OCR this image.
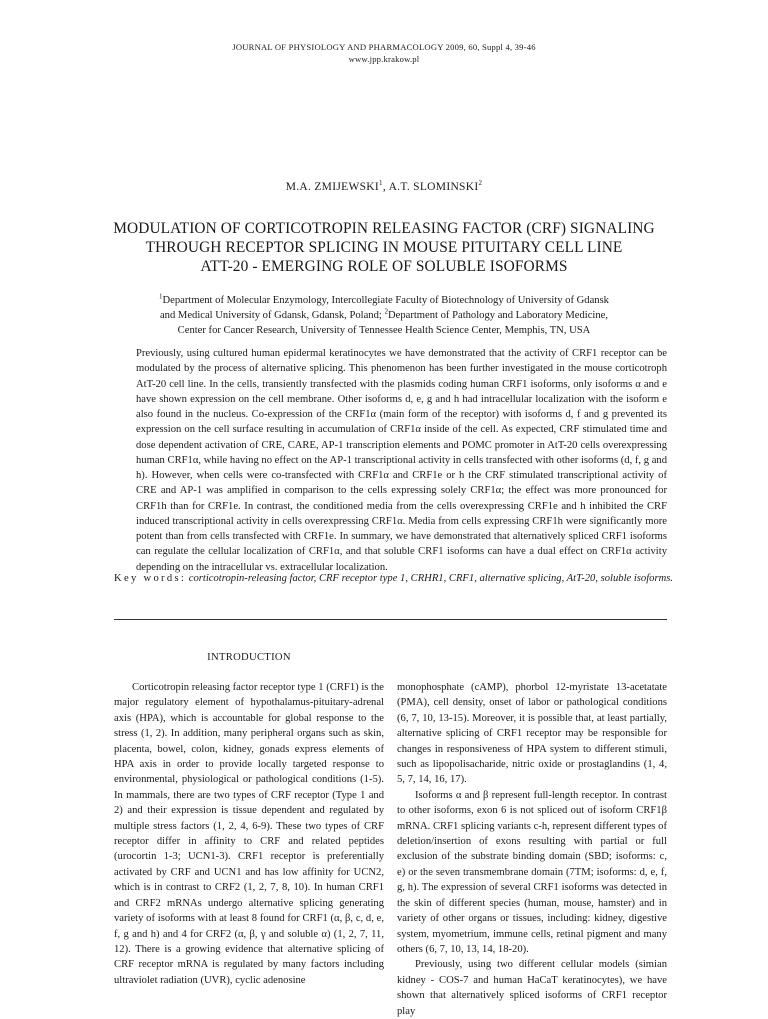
JOURNAL OF PHYSIOLOGY AND PHARMACOLOGY 2009, 60, Suppl 4, 39-46
www.jpp.krakow.pl
M.A. ZMIJEWSKI$^1$, A.T. SLOMINSKI$^2$
MODULATION OF CORTICOTROPIN RELEASING FACTOR (CRF) SIGNALING
THROUGH RECEPTOR SPLICING IN MOUSE PITUITARY CELL LINE
ATT-20 - EMERGING ROLE OF SOLUBLE ISOFORMS
$^1$Department of Molecular Enzymology, Intercollegiate Faculty of Biotechnology of University of Gdansk
and Medical University of Gdansk, Gdansk, Poland; $^2$Department of Pathology and Laboratory Medicine,
Center for Cancer Research, University of Tennessee Health Science Center, Memphis, TN, USA
Previously, using cultured human epidermal keratinocytes we have demonstrated that the activity of CRF1 receptor can be modulated by the process of alternative splicing. This phenomenon has been further investigated in the mouse corticotroph AtT-20 cell line. In the cells, transiently transfected with the plasmids coding human CRF1 isoforms, only isoforms α and e have shown expression on the cell membrane. Other isoforms d, e, g and h had intracellular localization with the isoform e also found in the nucleus. Co-expression of the CRF1α (main form of the receptor) with isoforms d, f and g prevented its expression on the cell surface resulting in accumulation of CRF1α inside of the cell. As expected, CRF stimulated time and dose dependent activation of CRE, CARE, AP-1 transcription elements and POMC promoter in AtT-20 cells overexpressing human CRF1α, while having no effect on the AP-1 transcriptional activity in cells transfected with other isoforms (d, f, g and h). However, when cells were co-transfected with CRF1α and CRF1e or h the CRF stimulated transcriptional activity of CRE and AP-1 was amplified in comparison to the cells expressing solely CRF1α; the effect was more pronounced for CRF1h than for CRF1e. In contrast, the conditioned media from the cells overexpressing CRF1e and h inhibited the CRF induced transcriptional activity in cells overexpressing CRF1α. Media from cells expressing CRF1h were significantly more potent than from cells transfected with CRF1e. In summary, we have demonstrated that alternatively spliced CRF1 isoforms can regulate the cellular localization of CRF1α, and that soluble CRF1 isoforms can have a dual effect on CRF1α activity depending on the intracellular vs. extracellular localization.
Key words: corticotropin-releasing factor, CRF receptor type 1, CRHR1, CRF1, alternative splicing, AtT-20, soluble isoforms.
INTRODUCTION

Corticotropin releasing factor receptor type 1 (CRF1) is the major regulatory element of hypothalamus-pituitary-adrenal axis (HPA), which is accountable for global response to the stress (1, 2). In addition, many peripheral organs such as skin, placenta, bowel, colon, kidney, gonads express elements of HPA axis in order to provide locally targeted response to environmental, physiological or pathological conditions (1-5). In mammals, there are two types of CRF receptor (Type 1 and 2) and their expression is tissue dependent and regulated by multiple stress factors (1, 2, 4, 6-9). These two types of CRF receptor differ in affinity to CRF and related peptides (urocortin 1-3; UCN1-3). CRF1 receptor is preferentially activated by CRF and UCN1 and has low affinity for UCN2, which is in contrast to CRF2 (1, 2, 7, 8, 10). In human CRF1 and CRF2 mRNAs undergo alternative splicing generating variety of isoforms with at least 8 found for CRF1 (α, β, c, d, e, f, g and h) and 4 for CRF2 (α, β, γ and soluble α) (1, 2, 7, 11, 12). There is a growing evidence that alternative splicing of CRF receptor mRNA is regulated by many factors including ultraviolet radiation (UVR), cyclic adenosine

monophosphate (cAMP), phorbol 12-myristate 13-acetatate (PMA), cell density, onset of labor or pathological conditions (6, 7, 10, 13-15). Moreover, it is possible that, at least partially, alternative splicing of CRF1 receptor may be responsible for changes in responsiveness of HPA system to different stimuli, such as lipopolisacharide, nitric oxide or prostaglandins (1, 4, 5, 7, 14, 16, 17).

Isoforms α and β represent full-length receptor. In contrast to other isoforms, exon 6 is not spliced out of isoform CRF1β mRNA. CRF1 splicing variants c-h, represent different types of deletion/insertion of exons resulting with partial or full exclusion of the substrate binding domain (SBD; isoforms: c, e) or the seven transmembrane domain (7TM; isoforms: d, e, f, g, h). The expression of several CRF1 isoforms was detected in the skin of different species (human, mouse, hamster) and in variety of other organs or tissues, including: kidney, digestive system, myometrium, immune cells, retinal pigment and many others (6, 7, 10, 13, 14, 18-20).

Previously, using two different cellular models (simian kidney - COS-7 and human HaCaT keratinocytes), we have shown that alternatively spliced isoforms of CRF1 receptor play
